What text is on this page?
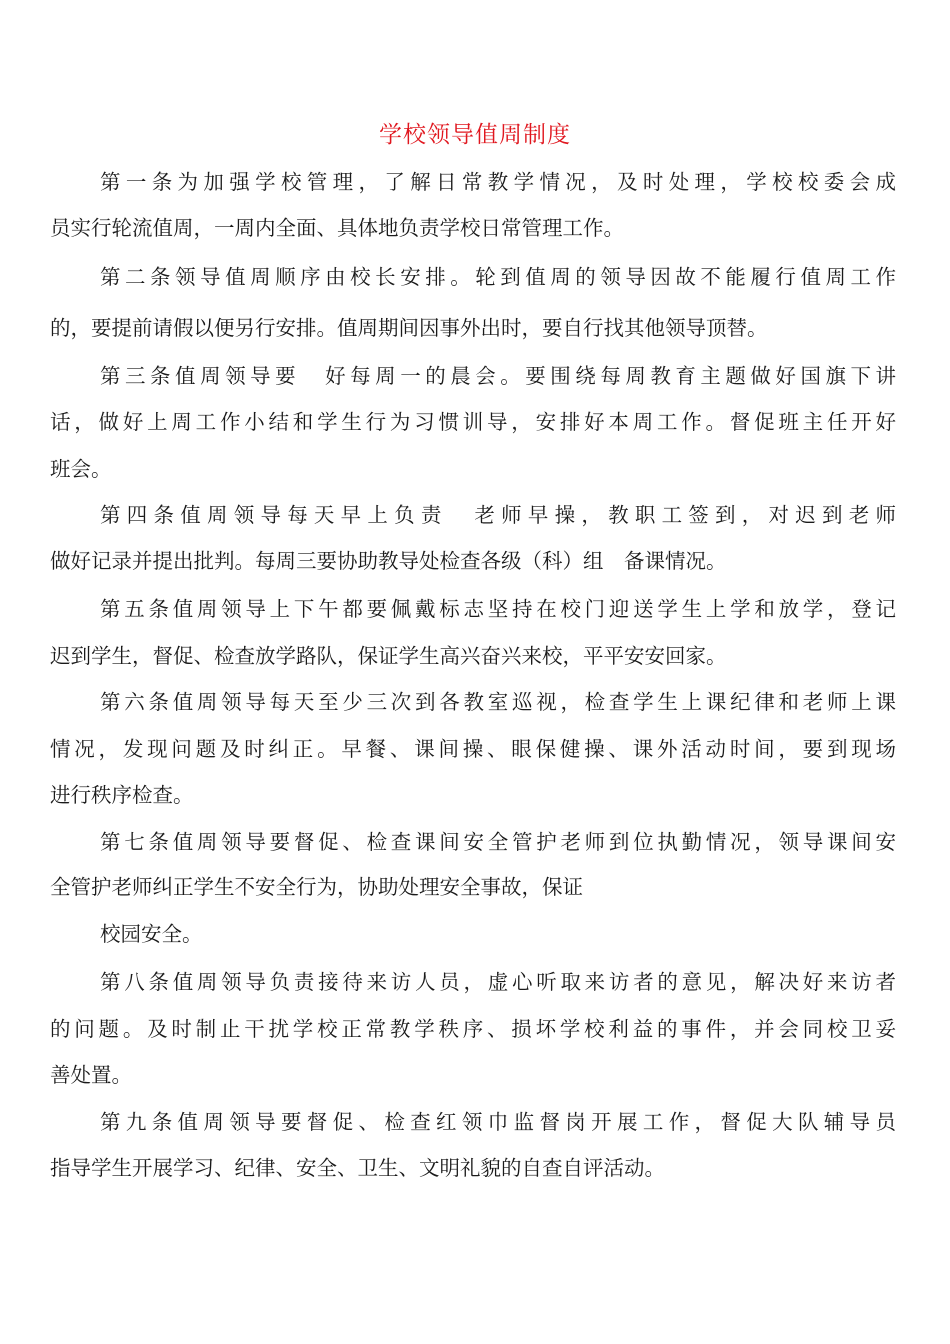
学校领导值周制度
第一条为加强学校管理，了解日常教学情况，及时处理，学校校委会成
员实行轮流值周，一周内全面、具体地负责学校日常管理工作。
第二条领导值周顺序由校长安排。轮到值周的领导因故不能履行值周工作
的，要提前请假以便另行安排。值周期间因事外出时，要自行找其他领导顶替。
第三条值周领导要　好每周一的晨会。要围绕每周教育主题做好国旗下讲
话，做好上周工作小结和学生行为习惯训导，安排好本周工作。督促班主任开好
班会。
第四条值周领导每天早上负责　老师早操，教职工签到，对迟到老师
做好记录并提出批判。每周三要协助教导处检查各级（科）组　备课情况。
第五条值周领导上下午都要佩戴标志坚持在校门迎送学生上学和放学，登记
迟到学生，督促、检查放学路队，保证学生高兴奋兴来校，平平安安回家。
第六条值周领导每天至少三次到各教室巡视，检查学生上课纪律和老师上课
情况，发现问题及时纠正。早餐、课间操、眼保健操、课外活动时间，要到现场
进行秩序检查。
第七条值周领导要督促、检查课间安全管护老师到位执勤情况，领导课间安
全管护老师纠正学生不安全行为，协助处理安全事故，保证
校园安全。
第八条值周领导负责接待来访人员，虚心听取来访者的意见，解决好来访者
的问题。及时制止干扰学校正常教学秩序、损坏学校利益的事件，并会同校卫妥
善处置。
第九条值周领导要督促、检查红领巾监督岗开展工作，督促大队辅导员
指导学生开展学习、纪律、安全、卫生、文明礼貌的自查自评活动。
